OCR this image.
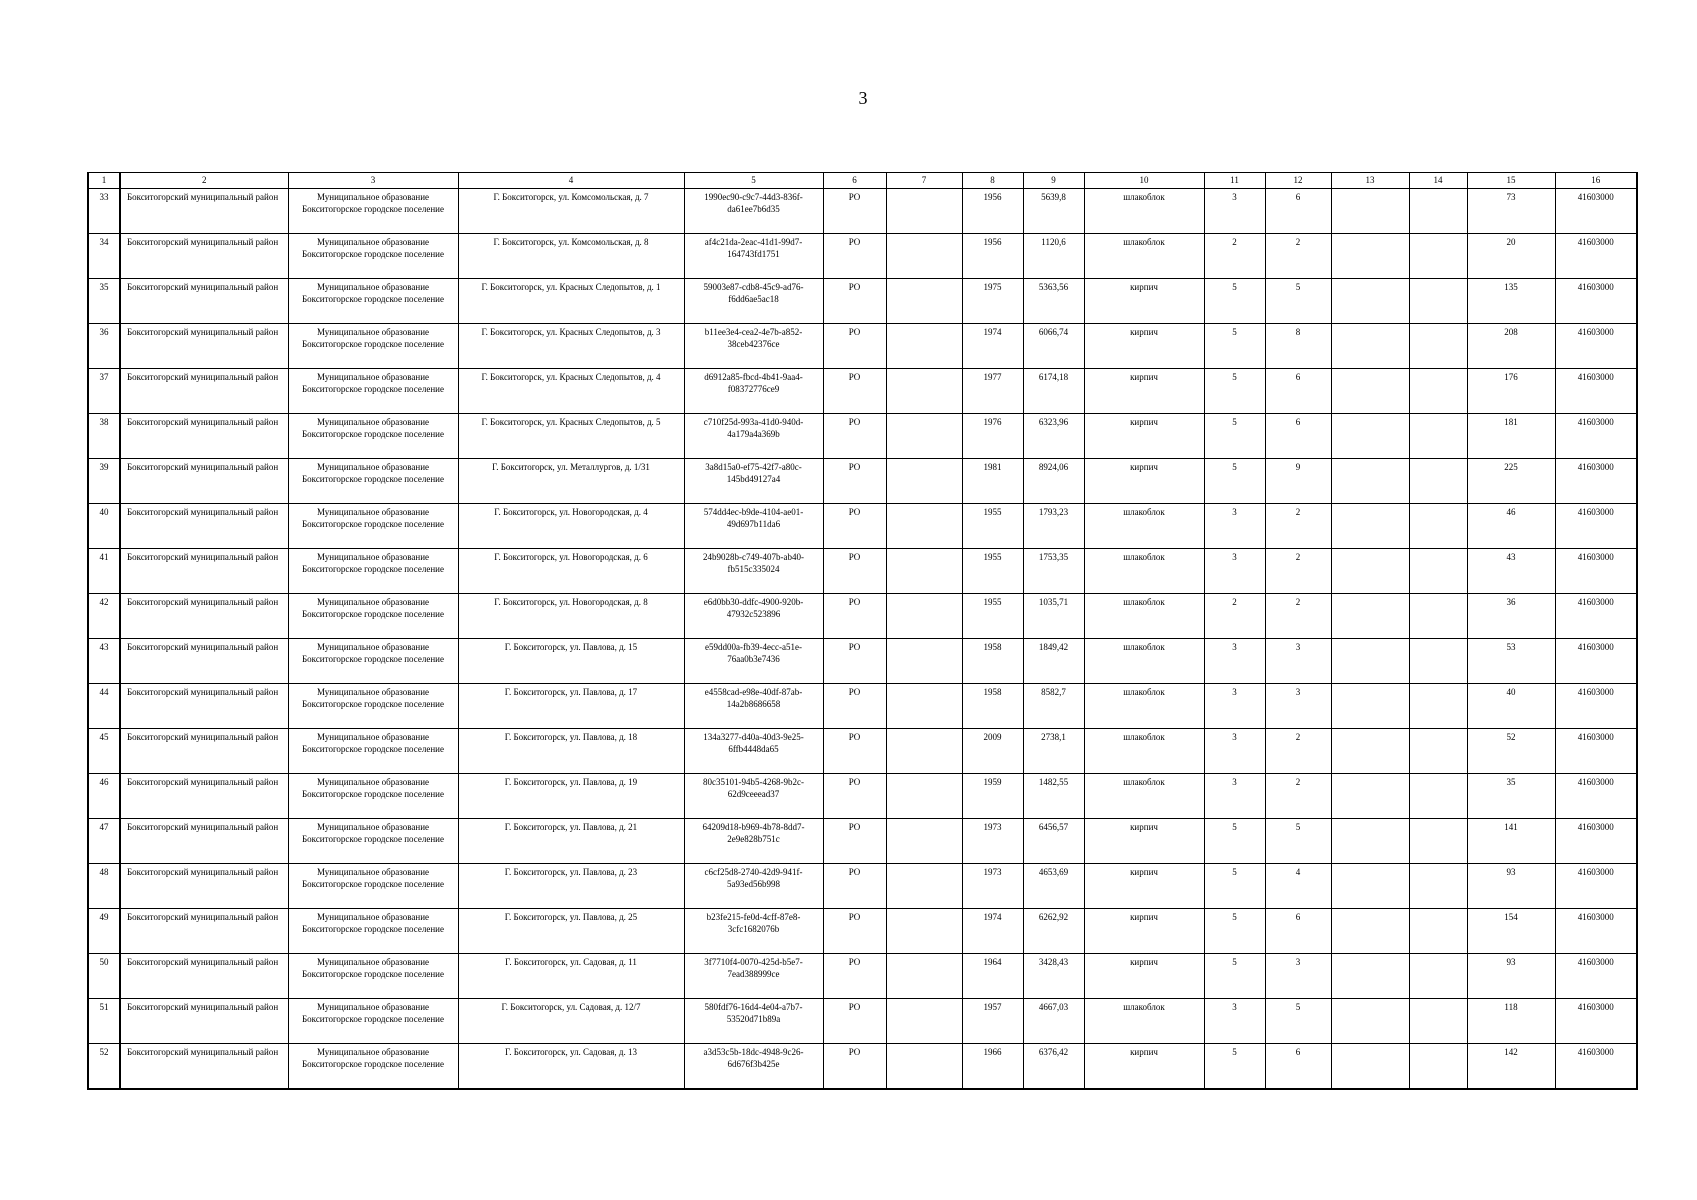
3
1	2	3	4	5	6	7	8	9	10	11	12	13	14	15	16
33	Бокситогорский муниципальный район	Муниципальное образование Бокситогорское городское поселение	Г. Бокситогорск, ул. Комсомольская, д. 7	1990ec90-c9c7-44d3-836f-da61ee7b6d35	PO		1956	5639,8	шлакоблок	3	6			73	41603000
34	Бокситогорский муниципальный район	Муниципальное образование Бокситогорское городское поселение	Г. Бокситогорск, ул. Комсомольская, д. 8	af4c21da-2eac-41d1-99d7-164743fd1751	PO		1956	1120,6	шлакоблок	2	2			20	41603000
35	Бокситогорский муниципальный район	Муниципальное образование Бокситогорское городское поселение	Г. Бокситогорск, ул. Красных Следопытов, д. 1	59003e87-cdb8-45c9-ad76-f6dd6ae5ac18	PO		1975	5363,56	кирпич	5	5			135	41603000
36	Бокситогорский муниципальный район	Муниципальное образование Бокситогорское городское поселение	Г. Бокситогорск, ул. Красных Следопытов, д. 3	b11ee3e4-cea2-4e7b-a852-38ceb42376ce	PO		1974	6066,74	кирпич	5	8			208	41603000
37	Бокситогорский муниципальный район	Муниципальное образование Бокситогорское городское поселение	Г. Бокситогорск, ул. Красных Следопытов, д. 4	d6912a85-fbcd-4b41-9aa4-f08372776ce9	PO		1977	6174,18	кирпич	5	6			176	41603000
38	Бокситогорский муниципальный район	Муниципальное образование Бокситогорское городское поселение	Г. Бокситогорск, ул. Красных Следопытов, д. 5	c710f25d-993a-41d0-940d-4a179a4a369b	PO		1976	6323,96	кирпич	5	6			181	41603000
39	Бокситогорский муниципальный район	Муниципальное образование Бокситогорское городское поселение	Г. Бокситогорск, ул. Металлургов, д. 1/31	3a8d15a0-ef75-42f7-a80c-145bd49127a4	PO		1981	8924,06	кирпич	5	9			225	41603000
40	Бокситогорский муниципальный район	Муниципальное образование Бокситогорское городское поселение	Г. Бокситогорск, ул. Новогородская, д. 4	574dd4ec-b9de-4104-ae01-49d697b11da6	PO		1955	1793,23	шлакоблок	3	2			46	41603000
41	Бокситогорский муниципальный район	Муниципальное образование Бокситогорское городское поселение	Г. Бокситогорск, ул. Новогородская, д. 6	24b9028b-c749-407b-ab40-fb515c335024	PO		1955	1753,35	шлакоблок	3	2			43	41603000
42	Бокситогорский муниципальный район	Муниципальное образование Бокситогорское городское поселение	Г. Бокситогорск, ул. Новогородская, д. 8	e6d0bb30-ddfc-4900-920b-47932c523896	PO		1955	1035,71	шлакоблок	2	2			36	41603000
43	Бокситогорский муниципальный район	Муниципальное образование Бокситогорское городское поселение	Г. Бокситогорск, ул. Павлова, д. 15	e59dd00a-fb39-4ecc-a51e-76aa0b3e7436	PO		1958	1849,42	шлакоблок	3	3			53	41603000
44	Бокситогорский муниципальный район	Муниципальное образование Бокситогорское городское поселение	Г. Бокситогорск, ул. Павлова, д. 17	e4558cad-e98e-40df-87ab-14a2b8686658	PO		1958	8582,7	шлакоблок	3	3			40	41603000
45	Бокситогорский муниципальный район	Муниципальное образование Бокситогорское городское поселение	Г. Бокситогорск, ул. Павлова, д. 18	134a3277-d40a-40d3-9e25-6ffb4448da65	PO		2009	2738,1	шлакоблок	3	2			52	41603000
46	Бокситогорский муниципальный район	Муниципальное образование Бокситогорское городское поселение	Г. Бокситогорск, ул. Павлова, д. 19	80c35101-94b5-4268-9b2c-62d9ceeead37	PO		1959	1482,55	шлакоблок	3	2			35	41603000
47	Бокситогорский муниципальный район	Муниципальное образование Бокситогорское городское поселение	Г. Бокситогорск, ул. Павлова, д. 21	64209d18-b969-4b78-8dd7-2e9e828b751c	PO		1973	6456,57	кирпич	5	5			141	41603000
48	Бокситогорский муниципальный район	Муниципальное образование Бокситогорское городское поселение	Г. Бокситогорск, ул. Павлова, д. 23	c6cf25d8-2740-42d9-941f-5a93ed56b998	PO		1973	4653,69	кирпич	5	4			93	41603000
49	Бокситогорский муниципальный район	Муниципальное образование Бокситогорское городское поселение	Г. Бокситогорск, ул. Павлова, д. 25	b23fe215-fe0d-4cff-87e8-3cfc1682076b	PO		1974	6262,92	кирпич	5	6			154	41603000
50	Бокситогорский муниципальный район	Муниципальное образование Бокситогорское городское поселение	Г. Бокситогорск, ул. Садовая, д. 11	3f7710f4-0070-425d-b5e7-7ead388999ce	PO		1964	3428,43	кирпич	5	3			93	41603000
51	Бокситогорский муниципальный район	Муниципальное образование Бокситогорское городское поселение	Г. Бокситогорск, ул. Садовая, д. 12/7	580fdf76-16d4-4e04-a7b7-53520d71b89a	PO		1957	4667,03	шлакоблок	3	5			118	41603000
52	Бокситогорский муниципальный район	Муниципальное образование Бокситогорское городское поселение	Г. Бокситогорск, ул. Садовая, д. 13	a3d53c5b-18dc-4948-9c26-6d676f3b425e	PO		1966	6376,42	кирпич	5	6			142	41603000
